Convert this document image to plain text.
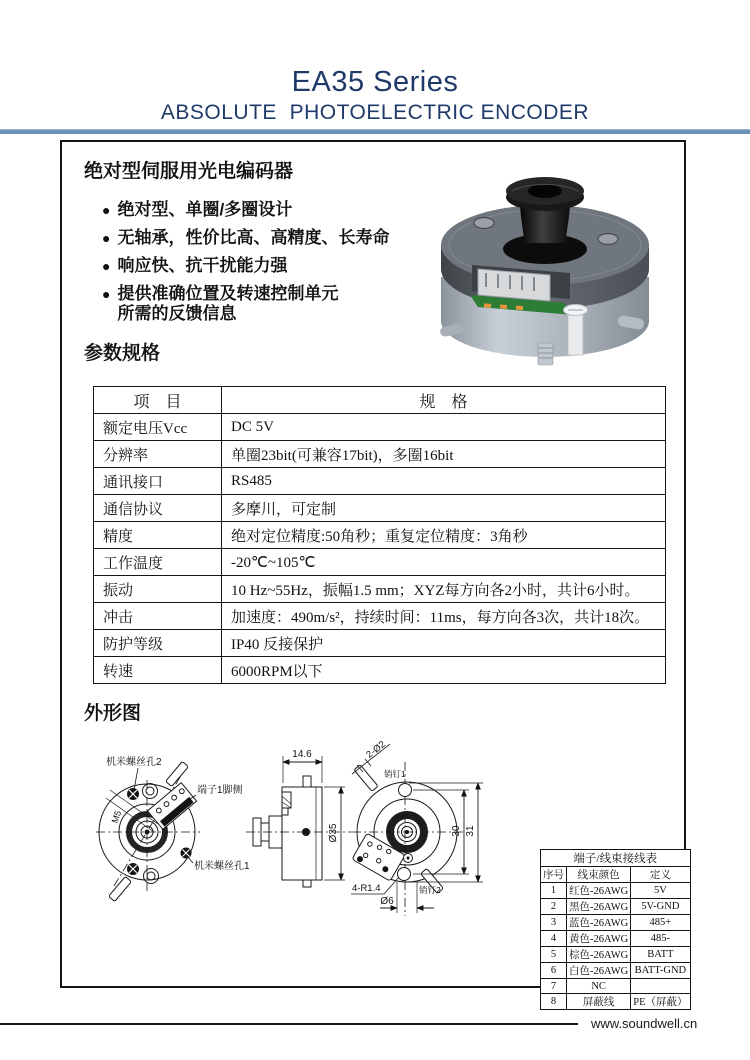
EA35 Series
ABSOLUTE  PHOTOELECTRIC ENCODER
绝对型伺服用光电编码器
● 绝对型、单圈/多圈设计
● 无轴承，性价比高、高精度、长寿命
● 响应快、抗干扰能力强
● 提供准确位置及转速控制单元
所需的反馈信息
参数规格
项　目	规　格
额定电压Vcc	DC 5V
分辨率	单圈23bit(可兼容17bit)，多圈16bit
通讯接口	RS485
通信协议	多摩川，可定制
精度	绝对定位精度:50角秒；重复定位精度：3角秒
工作温度	-20℃~105℃
振动	10 Hz~55Hz，振幅1.5 mm；XYZ每方向各2小时，共计6小时。
冲击	加速度：490m/s²，持续时间：11ms，每方向各3次，共计18次。
防护等级	IP40 反接保护
转速	6000RPM以下
外形图
机米螺丝孔2
端子1脚侧
机米螺丝孔1
M5
14.6
Ø35
2-Ø2
销钉1
销钉2
4-R1.4
Ø6
30 31
端子/线束接线表		
序号	线束颜色	定义
1	红色-26AWG	5V
2	黑色-26AWG	5V-GND
3	蓝色-26AWG	485+
4	黄色-26AWG	485-
5	棕色-26AWG	BATT
6	白色-26AWG	BATT-GND
7	NC	
8	屏蔽线	PE（屏蔽）
www.soundwell.cn
